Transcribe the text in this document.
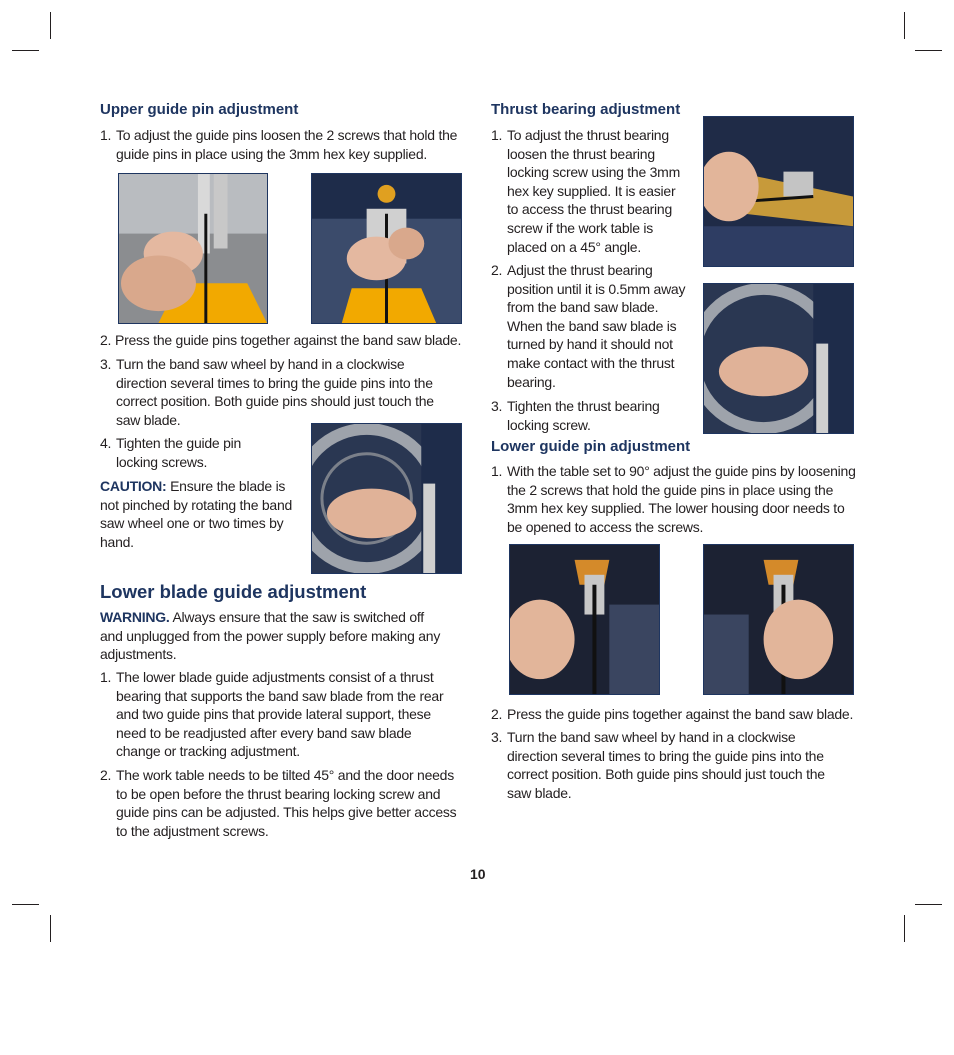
Upper guide pin adjustment
1. To adjust the guide pins loosen the 2 screws that hold the guide pins in place using the 3mm hex key supplied.
2. Press the guide pins together against the band saw blade.
3. Turn the band saw wheel by hand in a clockwise direction several times to bring the guide pins into the correct position. Both guide pins should just touch the saw blade.
4. Tighten the guide pin locking screws.
CAUTION: Ensure the blade is not pinched by rotating the band saw wheel one or two times by hand.
Lower blade guide adjustment
WARNING. Always ensure that the saw is switched off and unplugged from the power supply before making any adjustments.
1. The lower blade guide adjustments consist of a thrust bearing that supports the band saw blade from the rear and two guide pins that provide lateral support, these need to be readjusted after every band saw blade change or tracking adjustment.
2. The work table needs to be tilted 45° and the door needs to be open before the thrust bearing locking screw and guide pins can be adjusted. This helps give better access to the adjustment screws.
Thrust bearing adjustment
1. To adjust the thrust bearing loosen the thrust bearing locking screw using the 3mm hex key supplied. It is easier to access the thrust bearing screw if the work table is placed on a 45° angle.
2. Adjust the thrust bearing position until it is 0.5mm away from the band saw blade. When the band saw blade is turned by hand it should not make contact with the thrust bearing.
3. Tighten the thrust bearing locking screw.
Lower guide pin adjustment
1. With the table set to 90° adjust the guide pins by loosening the 2 screws that hold the guide pins in place using the 3mm hex key supplied. The lower housing door needs to be opened to access the screws.
2. Press the guide pins together against the band saw blade.
3. Turn the band saw wheel by hand in a clockwise direction several times to bring the guide pins into the correct position. Both guide pins should just touch the saw blade.
10
